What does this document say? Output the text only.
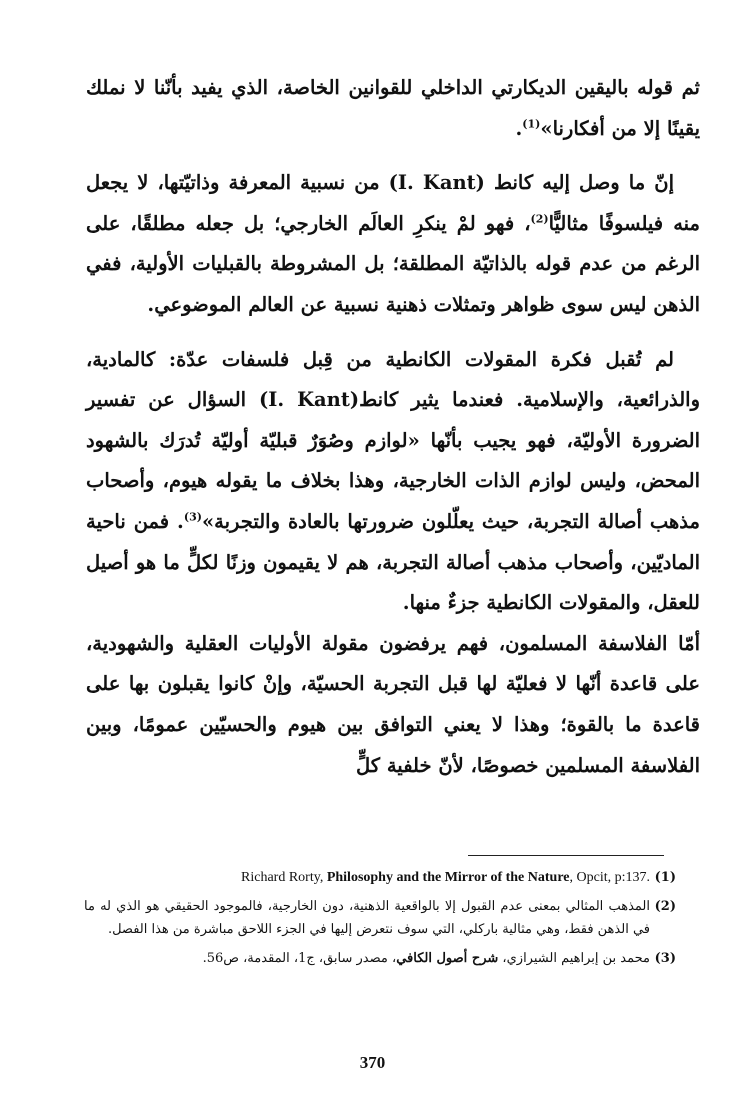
ثم قوله باليقين الديكارتي الداخلي للقوانين الخاصة، الذي يفيد بأنّنا لا نملك يقينًا إلا من أفكارنا»$^{(1)}$.

إنّ ما وصل إليه كانط (I. Kant) من نسبية المعرفة وذاتيّتها، لا يجعل منه فيلسوفًا مثاليًّا$^{(2)}$، فهو لمْ ينكرِ العالَم الخارجي؛ بل جعله مطلقًا، على الرغم من عدم قوله بالذاتيّة المطلقة؛ بل المشروطة بالقبليات الأولية، ففي الذهن ليس سوى ظواهر وتمثلات ذهنية نسبية عن العالم الموضوعي.

لم تُقبل فكرة المقولات الكانطية من قِبل فلسفات عدّة: كالمادية، والذرائعية، والإسلامية. فعندما يثير كانط(I. Kant) السؤال عن تفسير الضرورة الأوليّة، فهو يجيب بأنّها «لوازم وصُوَرٌ قبليّة أوليّة تُدرَك بالشهود المحض، وليس لوازم الذات الخارجية، وهذا بخلاف ما يقوله هيوم، وأصحاب مذهب أصالة التجربة، حيث يعلّلون ضرورتها بالعادة والتجربة»$^{(3)}$. فمن ناحية الماديّين، وأصحاب مذهب أصالة التجربة، هم لا يقيمون وزنًا لكلٍّ ما هو أصيل للعقل، والمقولات الكانطية جزءٌ منها.

أمّا الفلاسفة المسلمون، فهم يرفضون مقولة الأوليات العقلية والشهودية، على قاعدة أنّها لا فعليّة لها قبل التجربة الحسيّة، وإنْ كانوا يقبلون بها على قاعدة ما بالقوة؛ وهذا لا يعني التوافق بين هيوم والحسيّين عمومًا، وبين الفلاسفة المسلمين خصوصًا، لأنّ خلفية كلٍّ

(1)
Richard Rorty, Philosophy and the Mirror of the Nature, Opcit, p:137.
(2)
المذهب المثالي بمعنى عدم القبول إلا بالواقعية الذهنية، دون الخارجية، فالموجود الحقيقي هو الذي له ما في الذهن فقط، وهي مثالية باركلي، التي سوف نتعرض إليها في الجزء اللاحق مباشرة من هذا الفصل.
(3)
محمد بن إبراهيم الشيرازي، شرح أصول الكافي، مصدر سابق، ج1، المقدمة، ص56.
370
